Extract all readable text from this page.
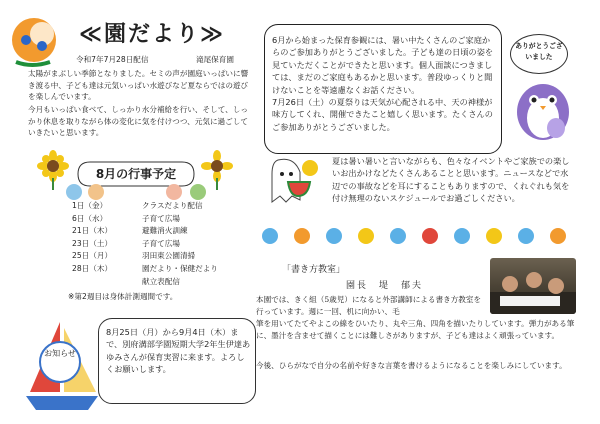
≪園だより≫
令和7年7月28日配信	滝尾保育園
太陽がまぶしい季節となりました。セミの声が園庭いっぱいに響き渡る中、子ども達は元気いっぱい水遊びなど夏ならではの遊びを楽しんでいます。
今月もいっぱい食べて、しっかり水分補給を行い、そして、しっかり休息を取りながら体の変化に気を付けつつ、元気に過ごしていきたいと思います。
8月の行事予定
1日（金）	クラスだより配信
6日（水）	子育て広場
21日（木）	避難消火訓練
23日（土）	子育て広場
25日（月）	羽田東公園清掃
28日（木）	園だより・保健だより
献立表配信
※第2週目は身体計測週間です。
お知らせ
8月25日（月）から9月4日（木）まで、別府溝部学園短期大学2年生伊達あゆみさんが保育実習に来ます。よろしくお願いします。
6月から始まった保育参観には、暑い中たくさんのご家庭からのご参加ありがとうございました。子ども達の日頃の姿を見ていただくことができたと思います。個人面談につきましては、まだのご家庭もあるかと思います。普段ゆっくりと聞けないことを等遠慮なくお話ください。
7月26日（土）の夏祭りは天気が心配される中、天の神様が味方してくれ、開催できたこと嬉しく思います。たくさんのご参加ありがとうございました。
ありがとうございました
夏は暑い暑いと言いながらも、色々なイベントやご家族での楽しいお出かけなどたくさんあることと思います。ニュースなどで水辺での事故などを耳にすることもありますので、くれぐれも気を付け無理のないスケジュールでお過ごしください。
「書き方教室」
園長　堤　郁夫
本園では、きく組（5歳児）になると外部講師による書き方教室を行っています。週に一回、机に向かい、毛
筆を用いてたてやよこの線をひいたり、丸や三角、四角を描いたりしています。弾力がある筆に、墨汁を含ませて描くことには難しさがありますが、子ども達はよく頑張っています。
今後、ひらがなで自分の名前や好きな言葉を書けるようになることを楽しみにしています。
